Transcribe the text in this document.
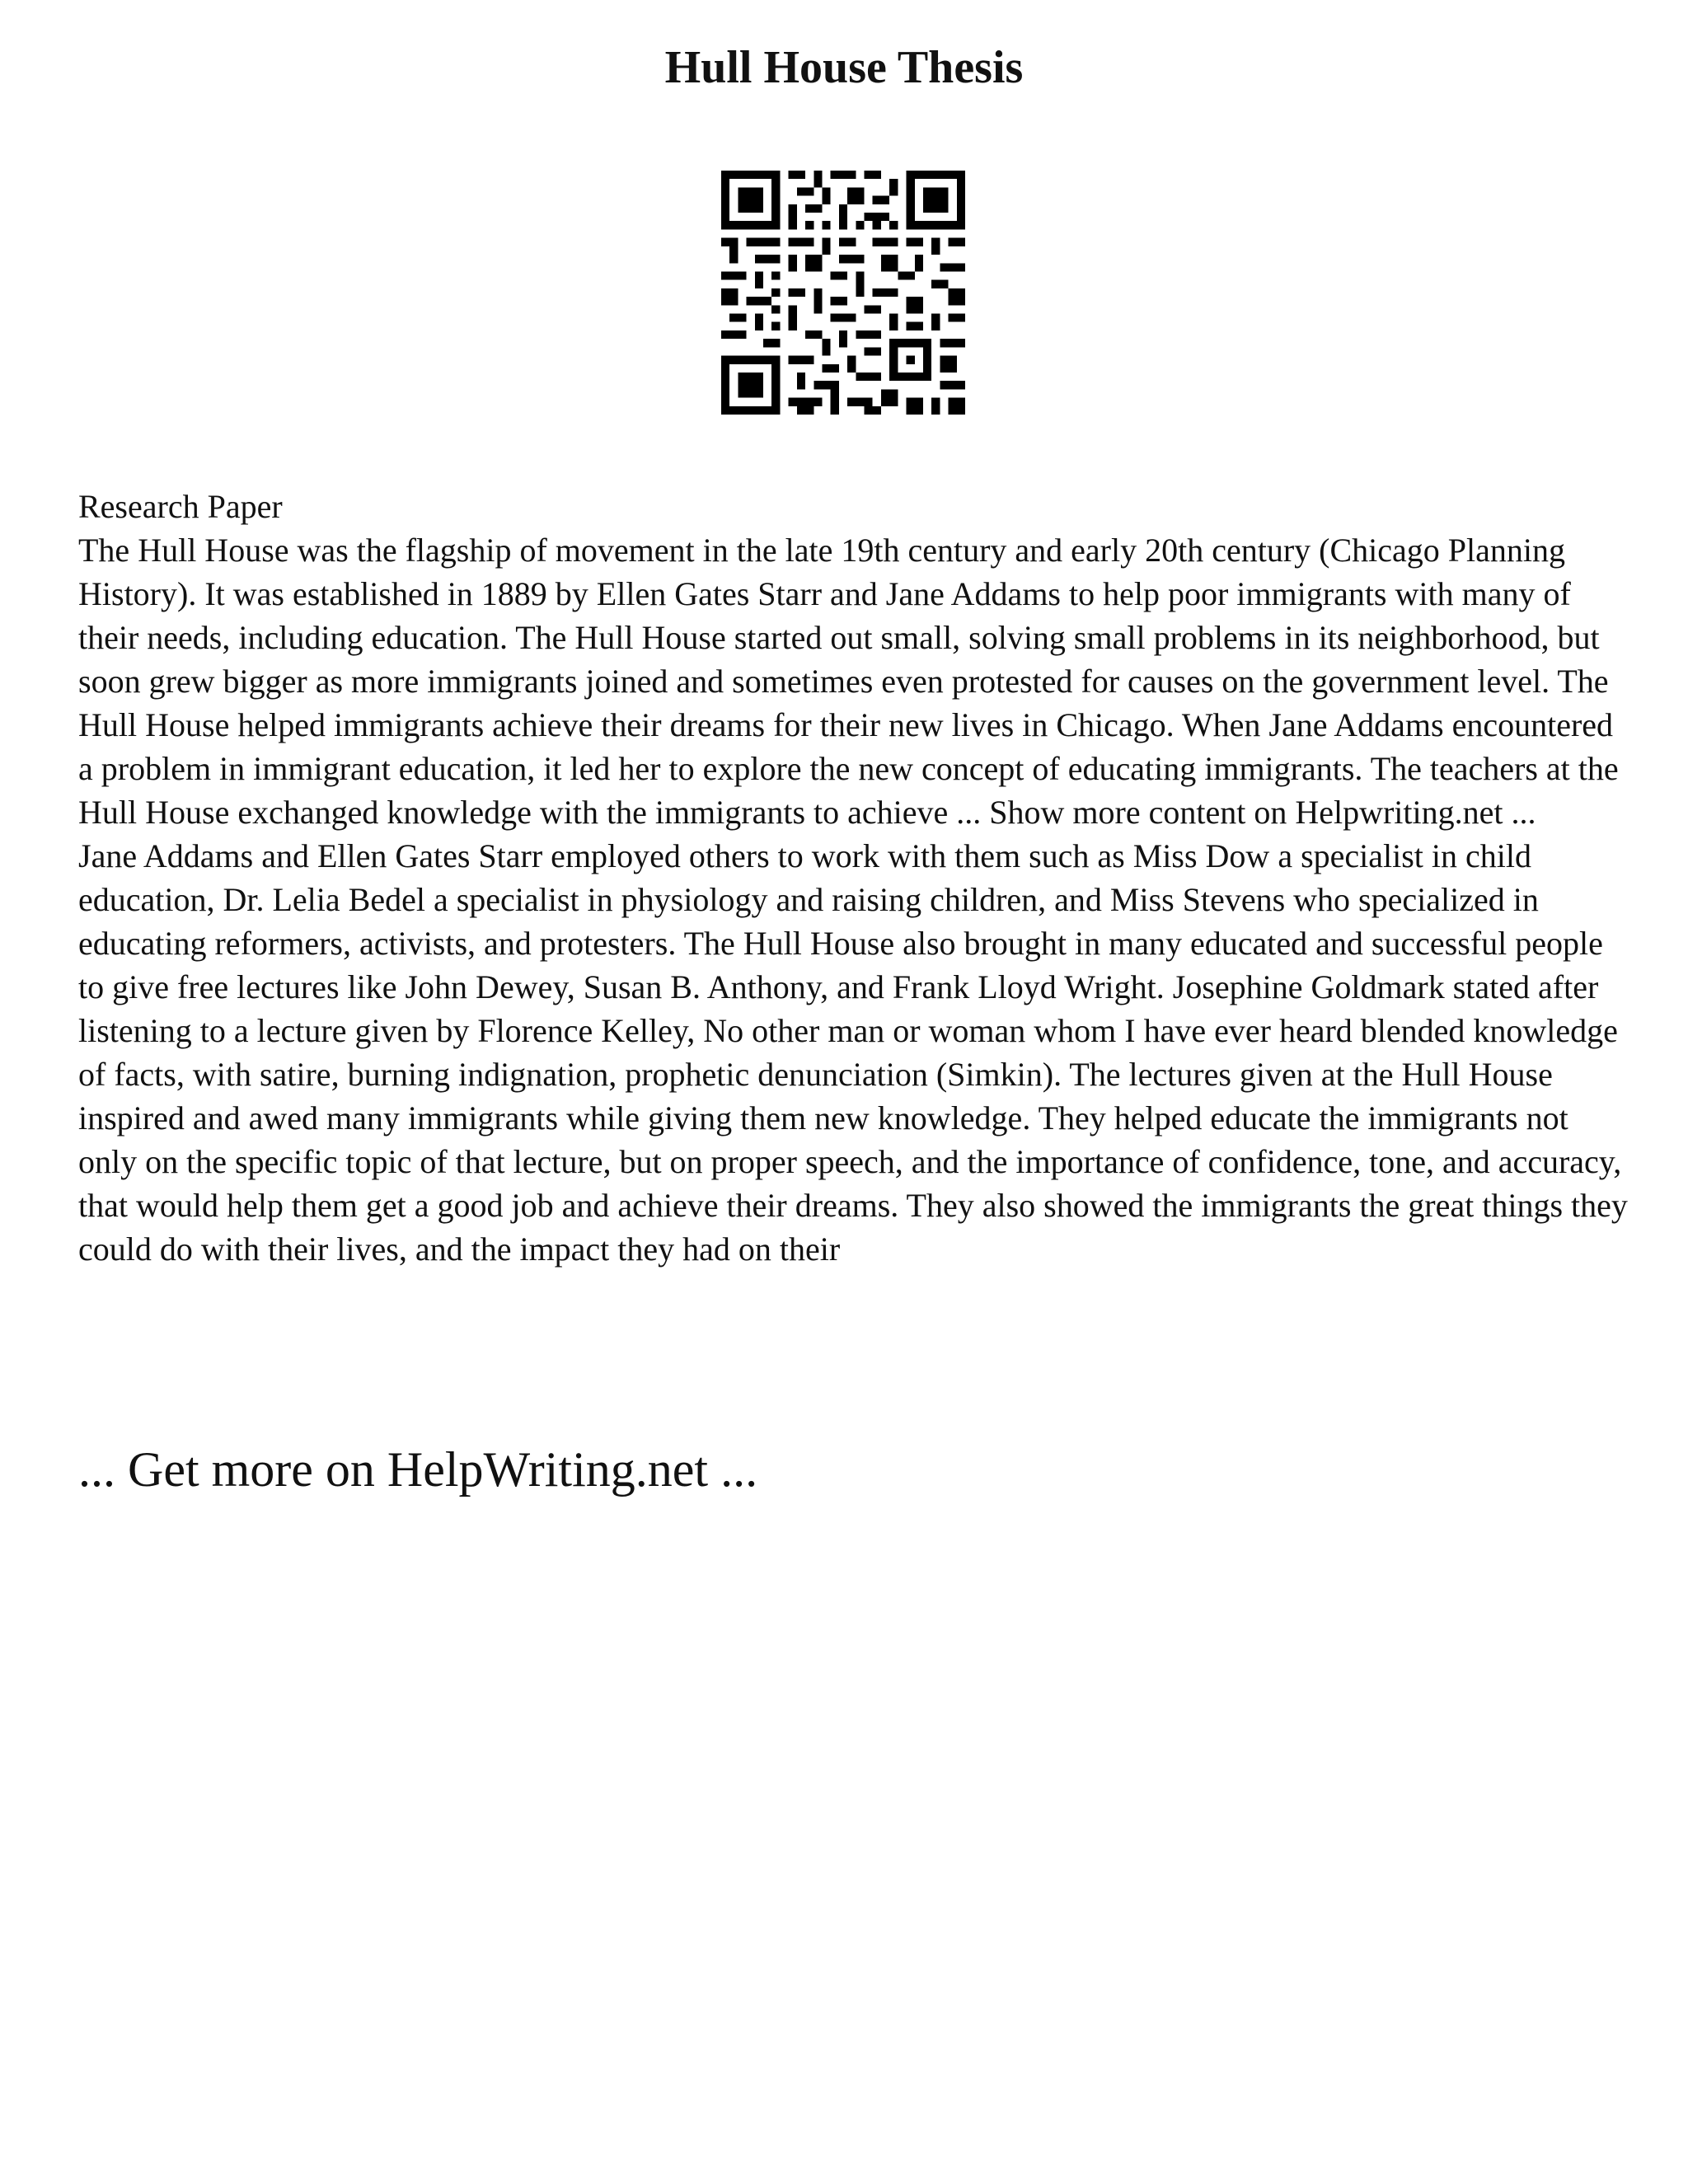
Hull House Thesis

Research Paper

The Hull House was the flagship of movement in the late 19th century and early 20th century (Chicago Planning History). It was established in 1889 by Ellen Gates Starr and Jane Addams to help poor immigrants with many of their needs, including education. The Hull House started out small, solving small problems in its neighborhood, but soon grew bigger as more immigrants joined and sometimes even protested for causes on the government level. The Hull House helped immigrants achieve their dreams for their new lives in Chicago. When Jane Addams encountered a problem in immigrant education, it led her to explore the new concept of educating immigrants. The teachers at the Hull House exchanged knowledge with the immigrants to achieve ... Show more content on Helpwriting.net ...

Jane Addams and Ellen Gates Starr employed others to work with them such as Miss Dow a specialist in child education, Dr. Lelia Bedel a specialist in physiology and raising children, and Miss Stevens who specialized in educating reformers, activists, and protesters. The Hull House also brought in many educated and successful people to give free lectures like John Dewey, Susan B. Anthony, and Frank Lloyd Wright. Josephine Goldmark stated after listening to a lecture given by Florence Kelley, No other man or woman whom I have ever heard blended knowledge of facts, with satire, burning indignation, prophetic denunciation (Simkin). The lectures given at the Hull House inspired and awed many immigrants while giving them new knowledge. They helped educate the immigrants not only on the specific topic of that lecture, but on proper speech, and the importance of confidence, tone, and accuracy, that would help them get a good job and achieve their dreams. They also showed the immigrants the great things they could do with their lives, and the impact they had on their

... Get more on HelpWriting.net ...
